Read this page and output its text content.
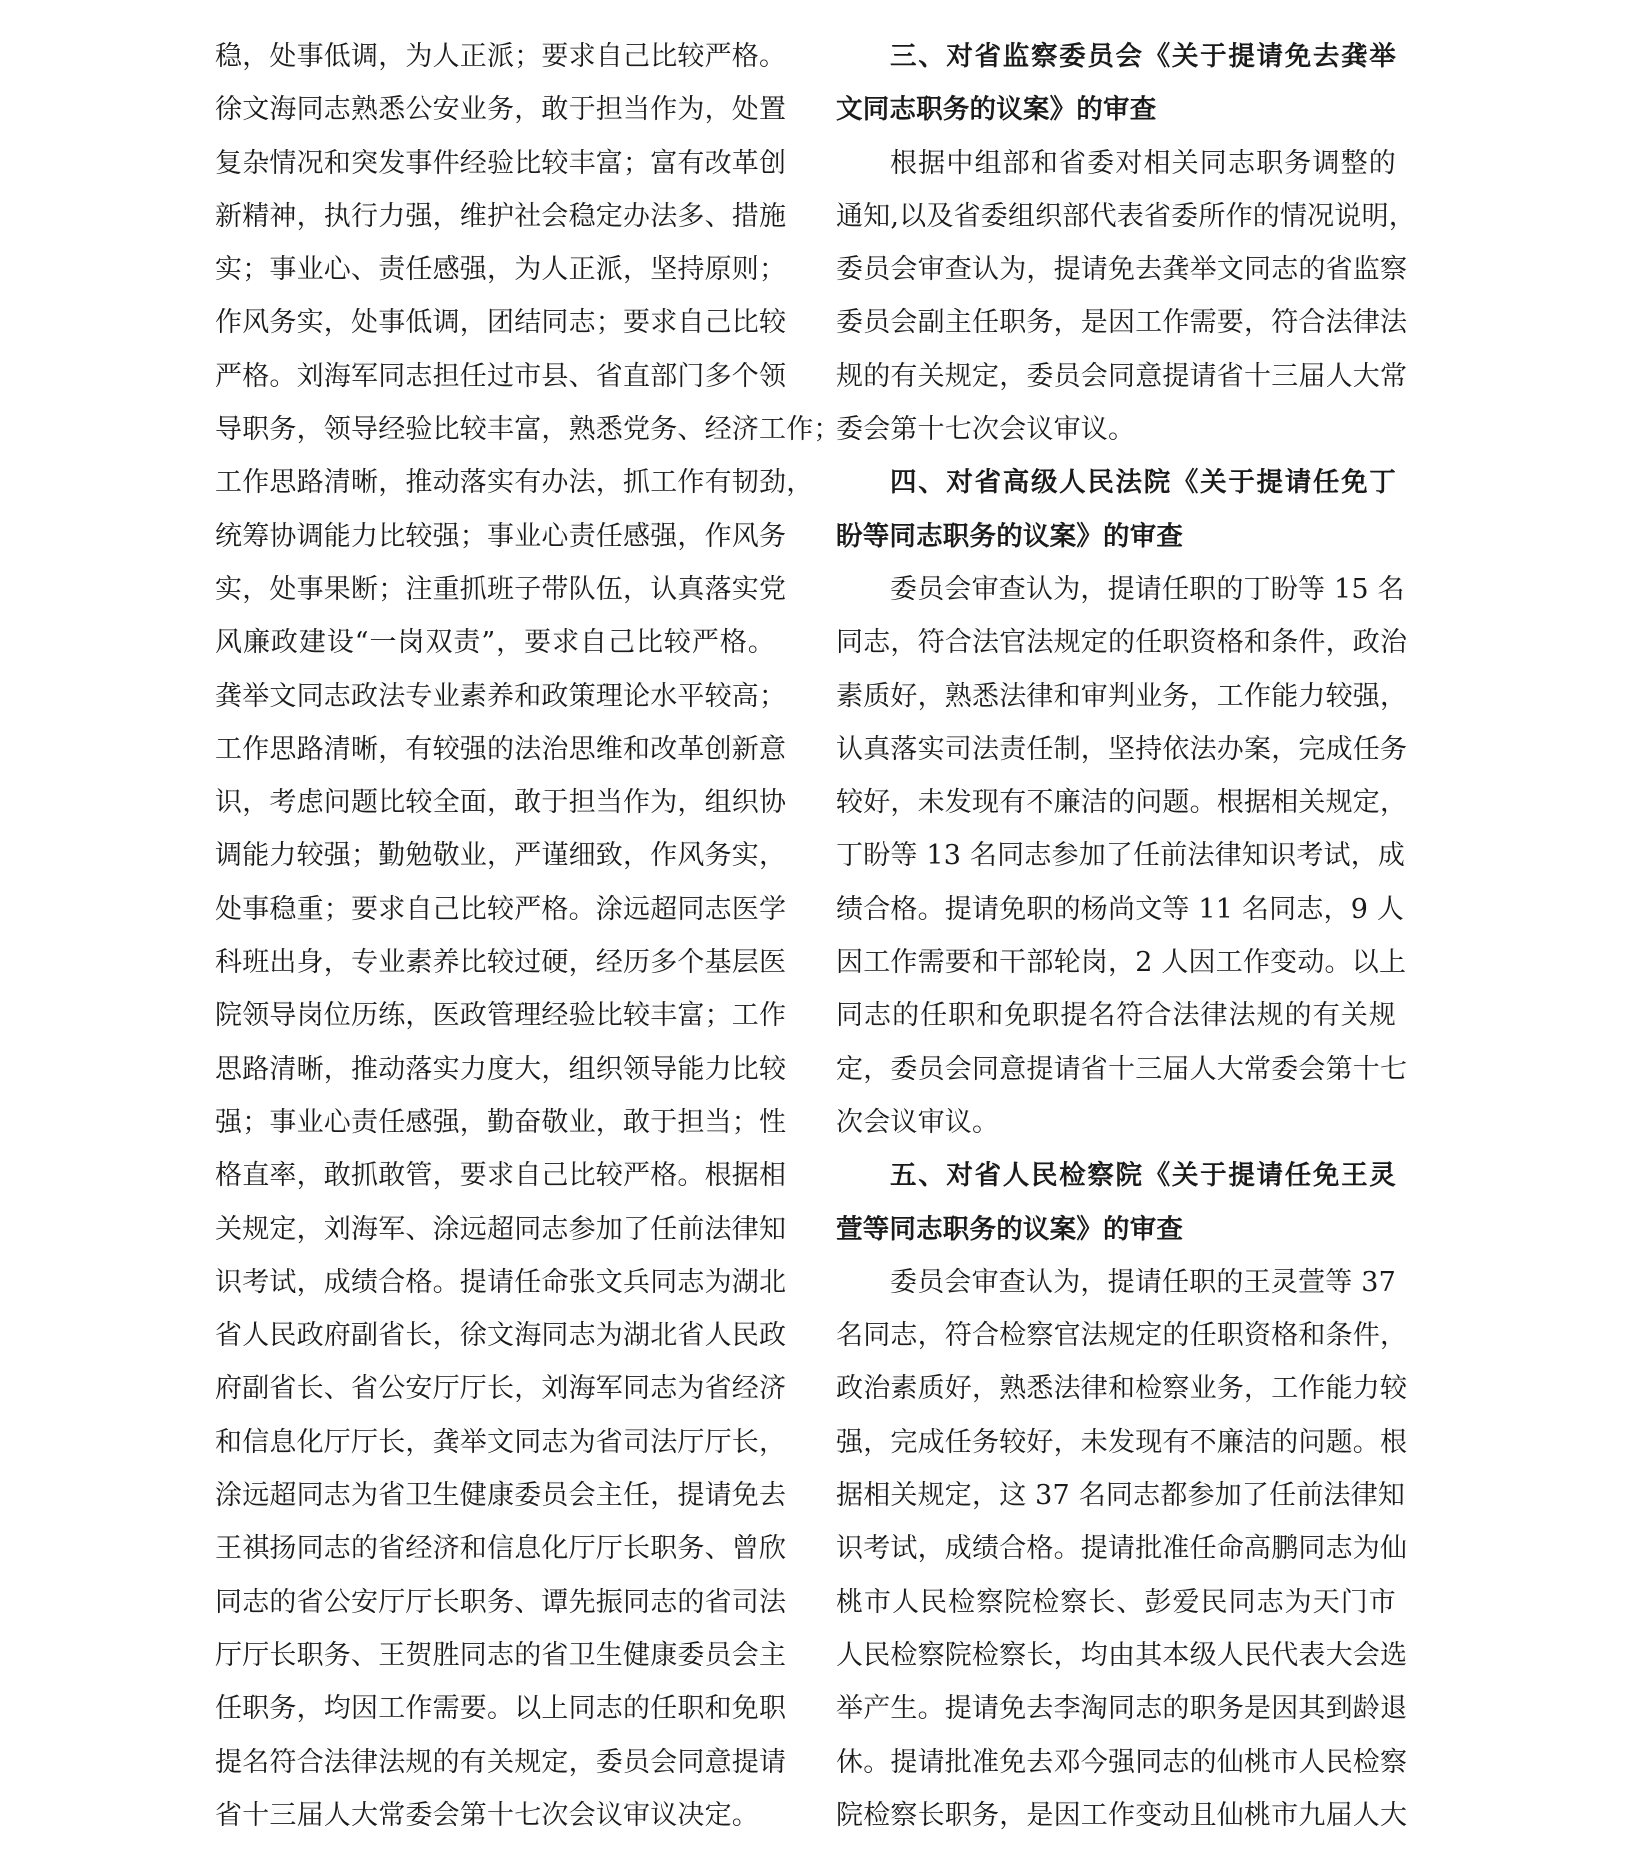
稳，处事低调，为人正派；要求自己比较严格。
徐文海同志熟悉公安业务，敢于担当作为，处置
复杂情况和突发事件经验比较丰富；富有改革创
新精神，执行力强，维护社会稳定办法多、措施
实；事业心、责任感强，为人正派，坚持原则；
作风务实，处事低调，团结同志；要求自己比较
严格。刘海军同志担任过市县、省直部门多个领
导职务，领导经验比较丰富，熟悉党务、经济工作；
工作思路清晰，推动落实有办法，抓工作有韧劲，
统筹协调能力比较强；事业心责任感强，作风务
实，处事果断；注重抓班子带队伍，认真落实党
风廉政建设“一岗双责”，要求自己比较严格。
龚举文同志政法专业素养和政策理论水平较高；
工作思路清晰，有较强的法治思维和改革创新意
识，考虑问题比较全面，敢于担当作为，组织协
调能力较强；勤勉敬业，严谨细致，作风务实，
处事稳重；要求自己比较严格。涂远超同志医学
科班出身，专业素养比较过硬，经历多个基层医
院领导岗位历练，医政管理经验比较丰富；工作
思路清晰，推动落实力度大，组织领导能力比较
强；事业心责任感强，勤奋敬业，敢于担当；性
格直率，敢抓敢管，要求自己比较严格。根据相
关规定，刘海军、涂远超同志参加了任前法律知
识考试，成绩合格。提请任命张文兵同志为湖北
省人民政府副省长，徐文海同志为湖北省人民政
府副省长、省公安厅厅长，刘海军同志为省经济
和信息化厅厅长，龚举文同志为省司法厅厅长，
涂远超同志为省卫生健康委员会主任，提请免去
王祺扬同志的省经济和信息化厅厅长职务、曾欣
同志的省公安厅厅长职务、谭先振同志的省司法
厅厅长职务、王贺胜同志的省卫生健康委员会主
任职务，均因工作需要。以上同志的任职和免职
提名符合法律法规的有关规定，委员会同意提请
省十三届人大常委会第十七次会议审议决定。
三、对省监察委员会《关于提请免去龚举
文同志职务的议案》的审查
根据中组部和省委对相关同志职务调整的
通知,以及省委组织部代表省委所作的情况说明，
委员会审查认为，提请免去龚举文同志的省监察
委员会副主任职务，是因工作需要，符合法律法
规的有关规定，委员会同意提请省十三届人大常
委会第十七次会议审议。
四、对省高级人民法院《关于提请任免丁
盼等同志职务的议案》的审查
委员会审查认为，提请任职的丁盼等 15 名
同志，符合法官法规定的任职资格和条件，政治
素质好，熟悉法律和审判业务，工作能力较强，
认真落实司法责任制，坚持依法办案，完成任务
较好，未发现有不廉洁的问题。根据相关规定，
丁盼等 13 名同志参加了任前法律知识考试，成
绩合格。提请免职的杨尚文等 11 名同志，9 人
因工作需要和干部轮岗，2 人因工作变动。以上
同志的任职和免职提名符合法律法规的有关规
定，委员会同意提请省十三届人大常委会第十七
次会议审议。
五、对省人民检察院《关于提请任免王灵
萱等同志职务的议案》的审查
委员会审查认为，提请任职的王灵萱等 37
名同志，符合检察官法规定的任职资格和条件，
政治素质好，熟悉法律和检察业务，工作能力较
强，完成任务较好，未发现有不廉洁的问题。根
据相关规定，这 37 名同志都参加了任前法律知
识考试，成绩合格。提请批准任命高鹏同志为仙
桃市人民检察院检察长、彭爱民同志为天门市
人民检察院检察长，均由其本级人民代表大会选
举产生。提请免去李淘同志的职务是因其到龄退
休。提请批准免去邓今强同志的仙桃市人民检察
院检察长职务，是因工作变动且仙桃市九届人大
